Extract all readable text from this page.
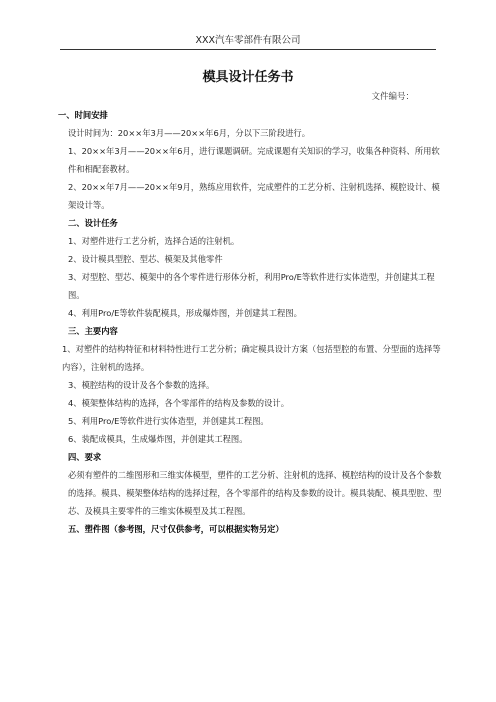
XXX汽车零部件有限公司
模具设计任务书
文件编号：

一、时间安排

设计时间为：20××年3月——20××年6月，分以下三阶段进行。

1、20××年3月——20××年6月，进行课题调研。完成课题有关知识的学习，收集各种资料、所用软件和相配套教材。

2、20××年7月——20××年9月，熟练应用软件，完成塑件的工艺分析、注射机选择、模腔设计、模架设计等。

二、设计任务

1、对塑件进行工艺分析，选择合适的注射机。

2、设计模具型腔、型芯、模架及其他零件

3、对型腔、型芯、模架中的各个零件进行形体分析，利用Pro/E等软件进行实体造型，并创建其工程图。

4、利用Pro/E等软件装配模具，形成爆炸图，并创建其工程图。

三、主要内容

1、对塑件的结构特征和材料特性进行工艺分析；确定模具设计方案（包括型腔的布置、分型面的选择等内容），注射机的选择。

3、模腔结构的设计及各个参数的选择。

4、模架整体结构的选择，各个零部件的结构及参数的设计。

5、利用Pro/E等软件进行实体造型，并创建其工程图。

6、装配成模具，生成爆炸图，并创建其工程图。

四、要求

必须有塑件的二维图形和三维实体模型，塑件的工艺分析、注射机的选择、模腔结构的设计及各个参数的选择。模具、模架整体结构的选择过程，各个零部件的结构及参数的设计。模具装配、模具型腔、型芯、及模具主要零件的三维实体模型及其工程图。

五、塑件图（参考图，尺寸仅供参考，可以根据实物另定）
